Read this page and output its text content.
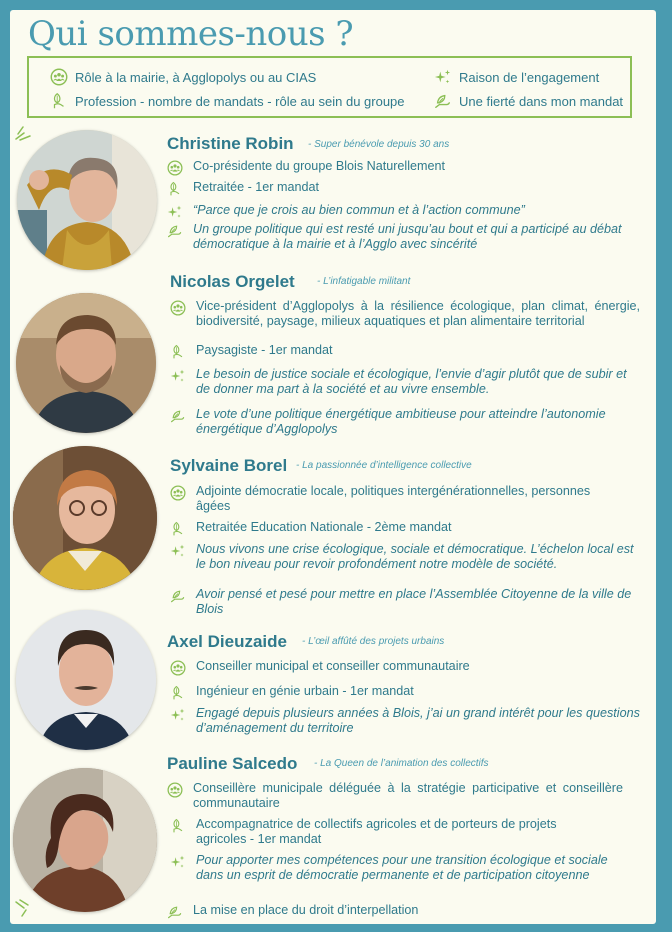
Qui sommes-nous ?
Rôle à la mairie, à Agglopolys ou au CIAS
Profession - nombre de mandats - rôle au sein du groupe
Raison de l’engagement
Une fierté dans mon mandat
Christine Robin - Super bénévole depuis 30 ans
Co-présidente du groupe Blois Naturellement
Retraitée - 1er mandat
“Parce que je crois au bien commun et à l’action commune”
Un groupe politique qui est resté uni jusqu’au bout et qui a participé au débat démocratique à la mairie et à l’Agglo avec sincérité
Nicolas Orgelet - L’infatigable militant
Vice-président d’Agglopolys à la résilience écologique, plan climat, énergie, biodiversité, paysage, milieux aquatiques et plan alimentaire territorial
Paysagiste - 1er mandat
Le besoin de justice sociale et écologique, l’envie d’agir plutôt que de subir et de donner ma part à la société et au vivre ensemble.
Le vote d’une politique énergétique ambitieuse pour atteindre l’autonomie énergétique d’Agglopolys
Sylvaine Borel - La passionnée d’intelligence collective
Adjointe démocratie locale, politiques intergénérationnelles, personnes âgées
Retraitée Education Nationale - 2ème mandat
Nous vivons une crise écologique, sociale et démocratique. L’échelon local est le bon niveau pour revoir profondément notre modèle de société.
Avoir pensé et pesé pour mettre en place l’Assemblée Citoyenne de la ville de Blois
Axel Dieuzaide - L’œil affûté des projets urbains
Conseiller municipal et conseiller communautaire
Ingénieur en génie urbain - 1er mandat
Engagé depuis plusieurs années à Blois, j’ai un grand intérêt pour les questions d’aménagement du territoire
Pauline Salcedo - La Queen de l’animation des collectifs
Conseillère municipale déléguée à la stratégie participative et conseillère communautaire
Accompagnatrice de collectifs agricoles et de porteurs de projets agricoles - 1er mandat
Pour apporter mes compétences pour une transition écologique et sociale dans un esprit de démocratie permanente et de participation citoyenne
La mise en place du droit d’interpellation
